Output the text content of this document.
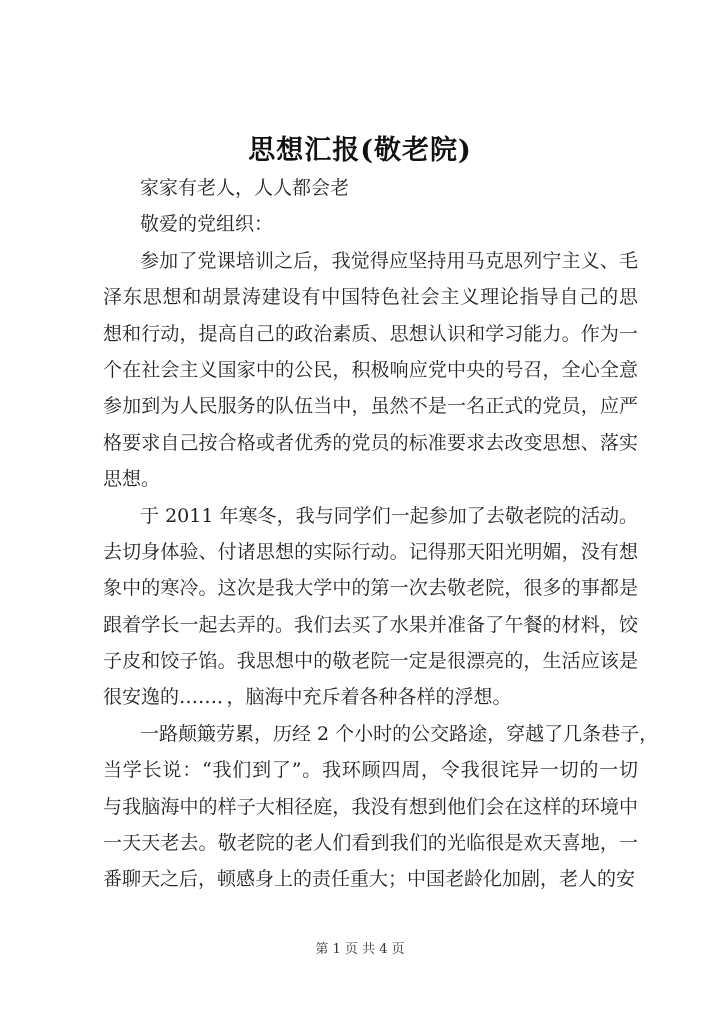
思想汇报(敬老院)
家家有老人，人人都会老
敬爱的党组织：
参加了党课培训之后，我觉得应坚持用马克思列宁主义、毛
泽东思想和胡景涛建设有中国特色社会主义理论指导自己的思
想和行动，提高自己的政治素质、思想认识和学习能力。作为一
个在社会主义国家中的公民，积极响应党中央的号召，全心全意
参加到为人民服务的队伍当中，虽然不是一名正式的党员，应严
格要求自己按合格或者优秀的党员的标准要求去改变思想、落实
思想。
于 2011 年寒冬，我与同学们一起参加了去敬老院的活动。
去切身体验、付诸思想的实际行动。记得那天阳光明媚，没有想
象中的寒冷。这次是我大学中的第一次去敬老院，很多的事都是
跟着学长一起去弄的。我们去买了水果并准备了午餐的材料，饺
子皮和饺子馅。我思想中的敬老院一定是很漂亮的，生活应该是
很安逸的……．，脑海中充斥着各种各样的浮想。
一路颠簸劳累，历经 2 个小时的公交路途，穿越了几条巷子，
当学长说：“我们到了”。我环顾四周，令我很诧异一切的一切
与我脑海中的样子大相径庭，我没有想到他们会在这样的环境中
一天天老去。敬老院的老人们看到我们的光临很是欢天喜地，一
番聊天之后，顿感身上的责任重大；中国老龄化加剧，老人的安
第 1 页 共 4 页
